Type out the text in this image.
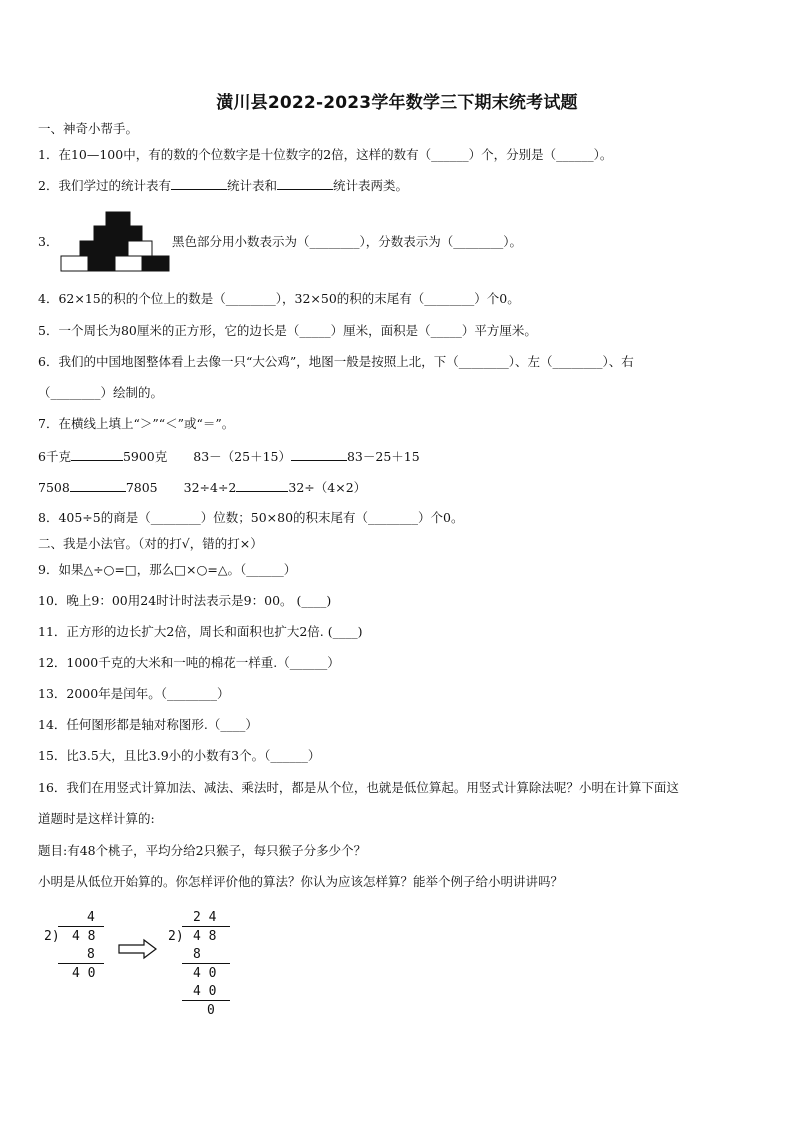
潢川县2022-2023学年数学三下期末统考试题
一、神奇小帮手。
1．在10—100中，有的数的个位数字是十位数字的2倍，这样的数有（______）个，分别是（______）。
2．我们学过的统计表有	统计表和	统计表两类。
3．	黑色部分用小数表示为（________），分数表示为（________）。
4．62×15的积的个位上的数是（________），32×50的积的末尾有（________）个0。
5．一个周长为80厘米的正方形，它的边长是（_____）厘米，面积是（_____）平方厘米。
6．我们的中国地图整体看上去像一只“大公鸡”，地图一般是按照上北，下（________）、左（________）、右
（________）绘制的。
7．在横线上填上“＞”“＜”或“＝”。
6千克	5900克 83－（25＋15）	83－25＋15
7508	7805 32÷4÷2	32÷（4×2）
8．405÷5的商是（________）位数；50×80的积末尾有（________）个0。
二、我是小法官。（对的打√，错的打×）
9．如果△÷○=□，那么□×○=△。（______）
10．晚上9：00用24时计时法表示是9：00。 (____)
11．正方形的边长扩大2倍，周长和面积也扩大2倍. (____)
12．1000千克的大米和一吨的棉花一样重.（______）
13．2000年是闰年。（________）
14．任何图形都是轴对称图形.（____）
15．比3.5大，且比3.9小的小数有3个。（______）
16．我们在用竖式计算加法、减法、乘法时，都是从个位，也就是低位算起。用竖式计算除法呢？小明在计算下面这
道题时是这样计算的:
题目:有48个桃子，平均分给2只猴子，每只猴子分多少个？
小明是从低位开始算的。你怎样评价他的算法？你认为应该怎样算？能举个例子给小明讲讲吗？
4
2) 4 8
8
4 0
2 4
2) 4 8
8
4 0
4 0
0
